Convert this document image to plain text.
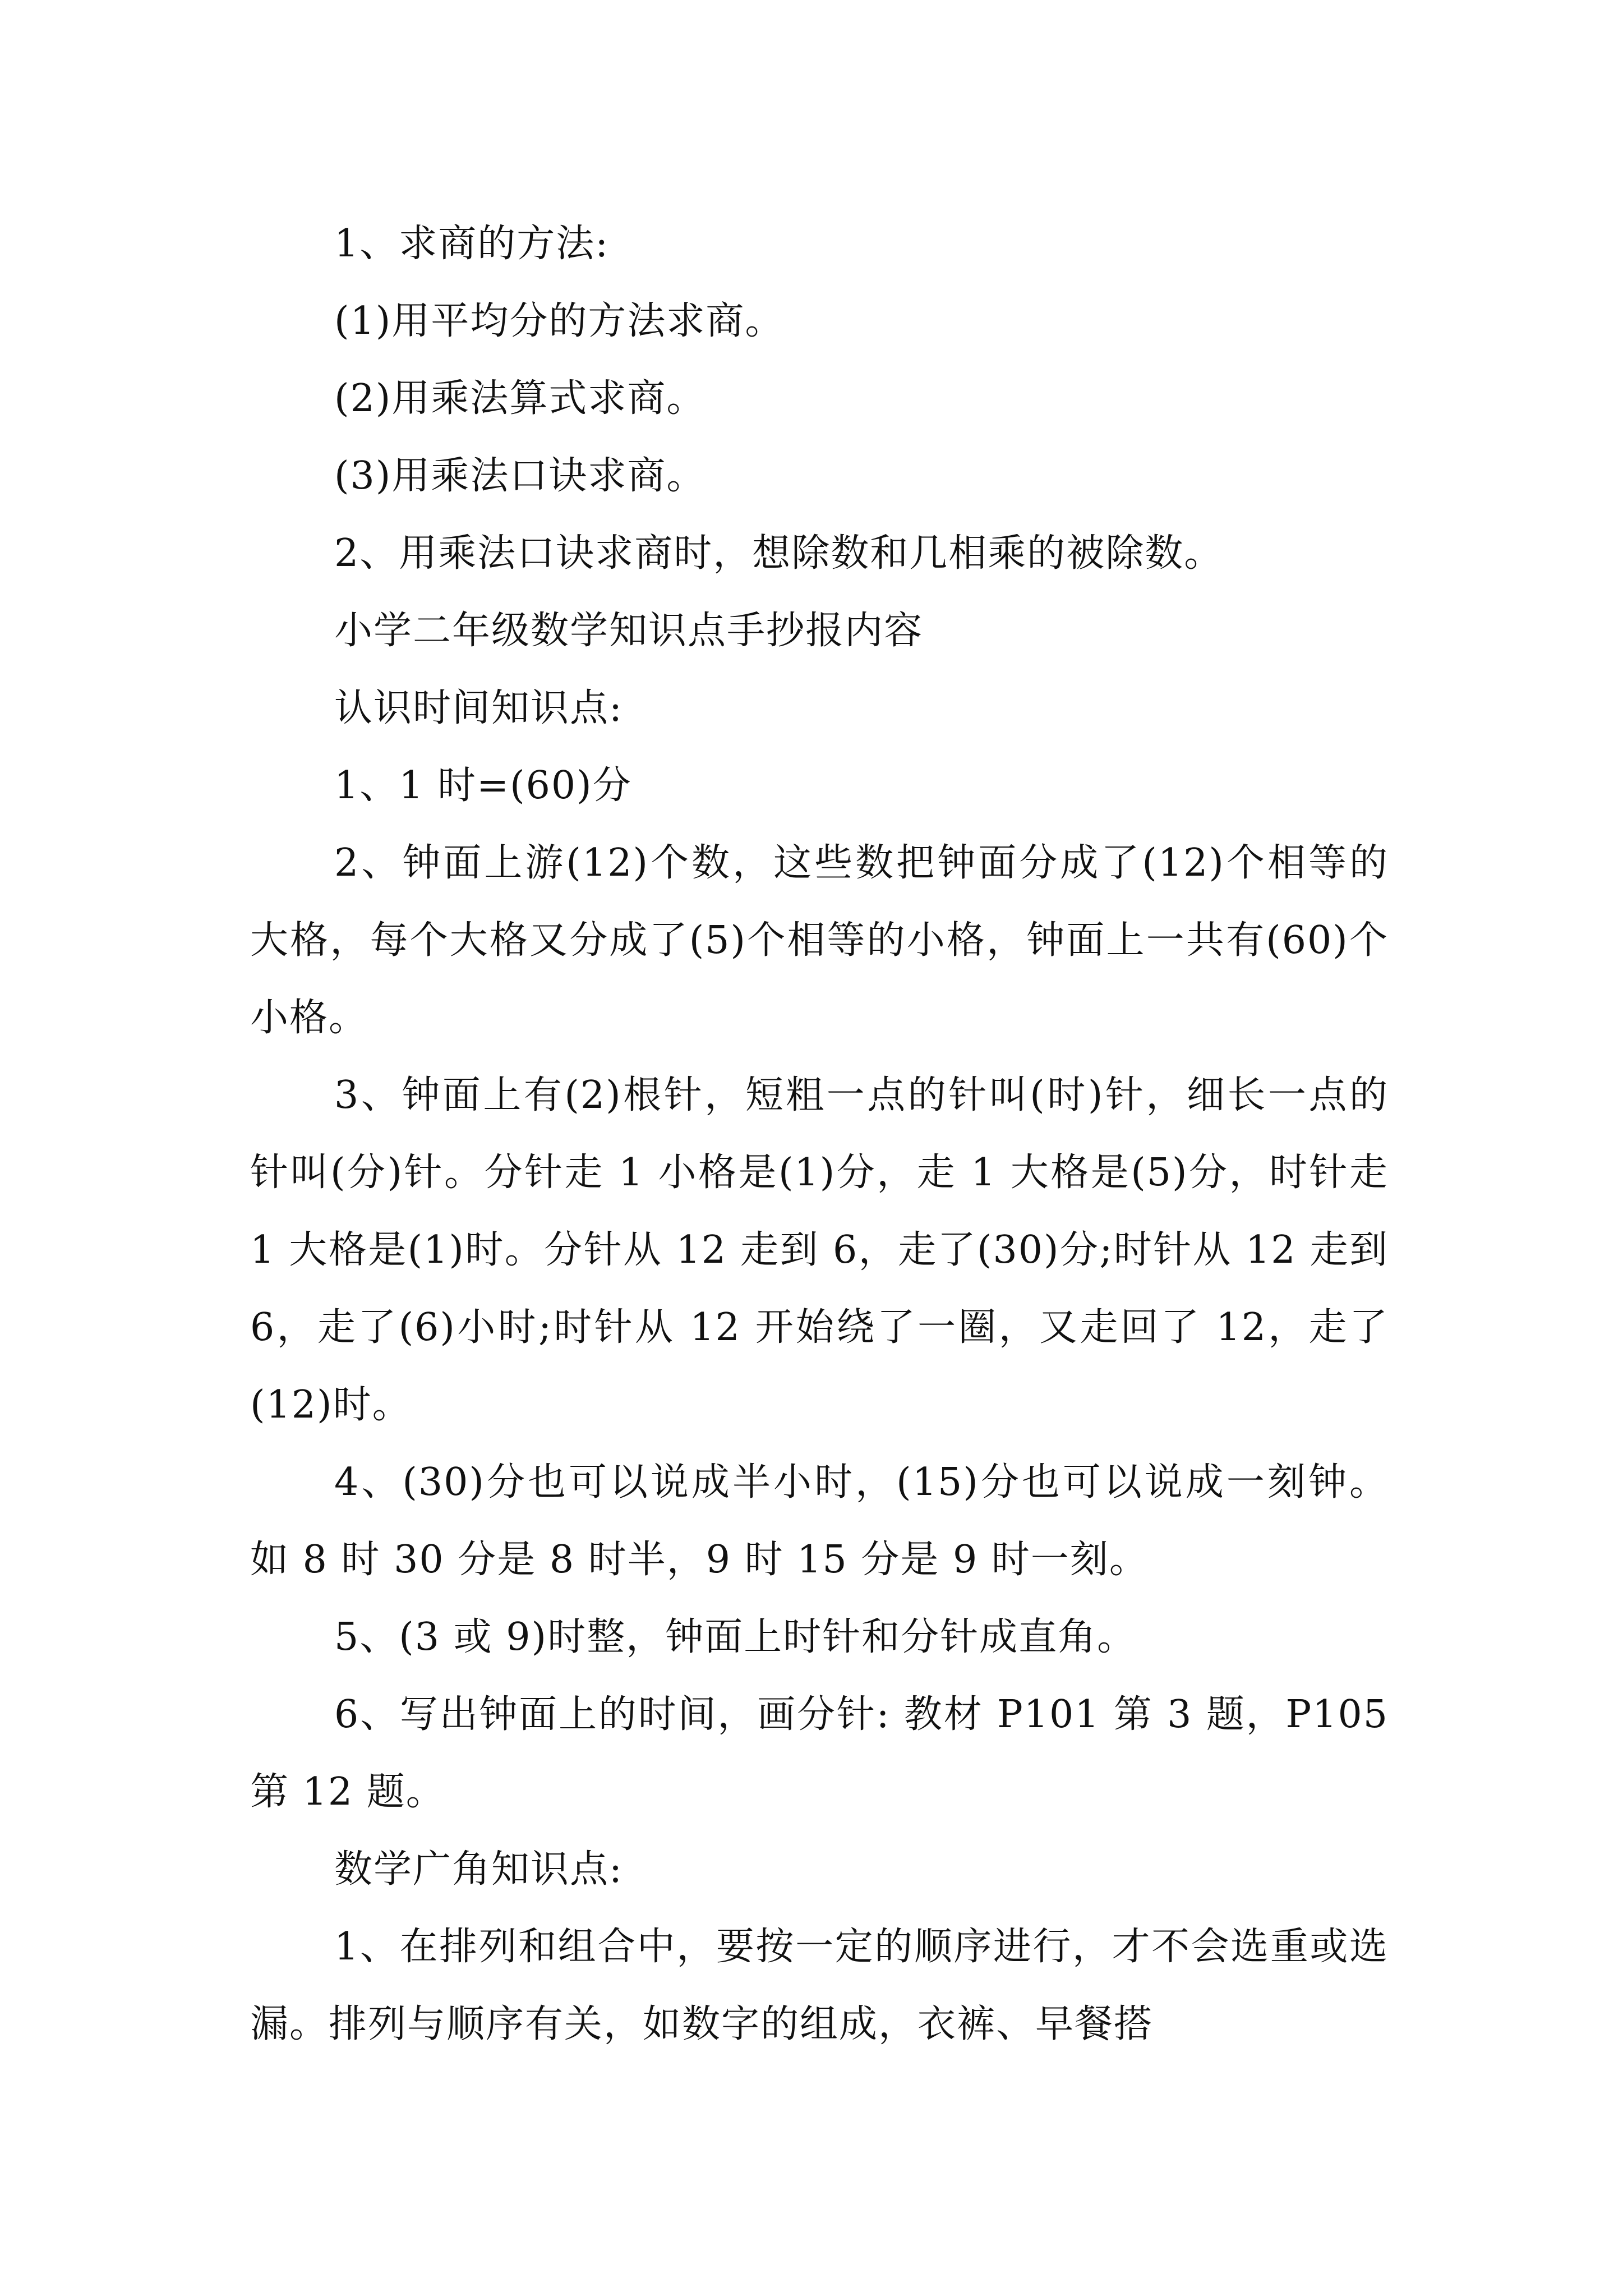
1、求商的方法:

(1)用平均分的方法求商。

(2)用乘法算式求商。

(3)用乘法口诀求商。

2、用乘法口诀求商时，想除数和几相乘的被除数。

小学二年级数学知识点手抄报内容

认识时间知识点:

1、1 时=(60)分

2、钟面上游(12)个数，这些数把钟面分成了(12)个相等的大格，每个大格又分成了(5)个相等的小格，钟面上一共有(60)个小格。

3、钟面上有(2)根针，短粗一点的针叫(时)针，细长一点的针叫(分)针。分针走 1 小格是(1)分，走 1 大格是(5)分，时针走 1 大格是(1)时。分针从 12 走到 6，走了(30)分;时针从 12 走到 6，走了(6)小时;时针从 12 开始绕了一圈，又走回了 12，走了(12)时。

4、(30)分也可以说成半小时，(15)分也可以说成一刻钟。如 8 时 30 分是 8 时半，9 时 15 分是 9 时一刻。

5、(3 或 9)时整，钟面上时针和分针成直角。

6、写出钟面上的时间，画分针: 教材 P101 第 3 题，P105 第 12 题。

数学广角知识点:

1、在排列和组合中，要按一定的顺序进行，才不会选重或选漏。排列与顺序有关，如数字的组成，衣裤、早餐搭
